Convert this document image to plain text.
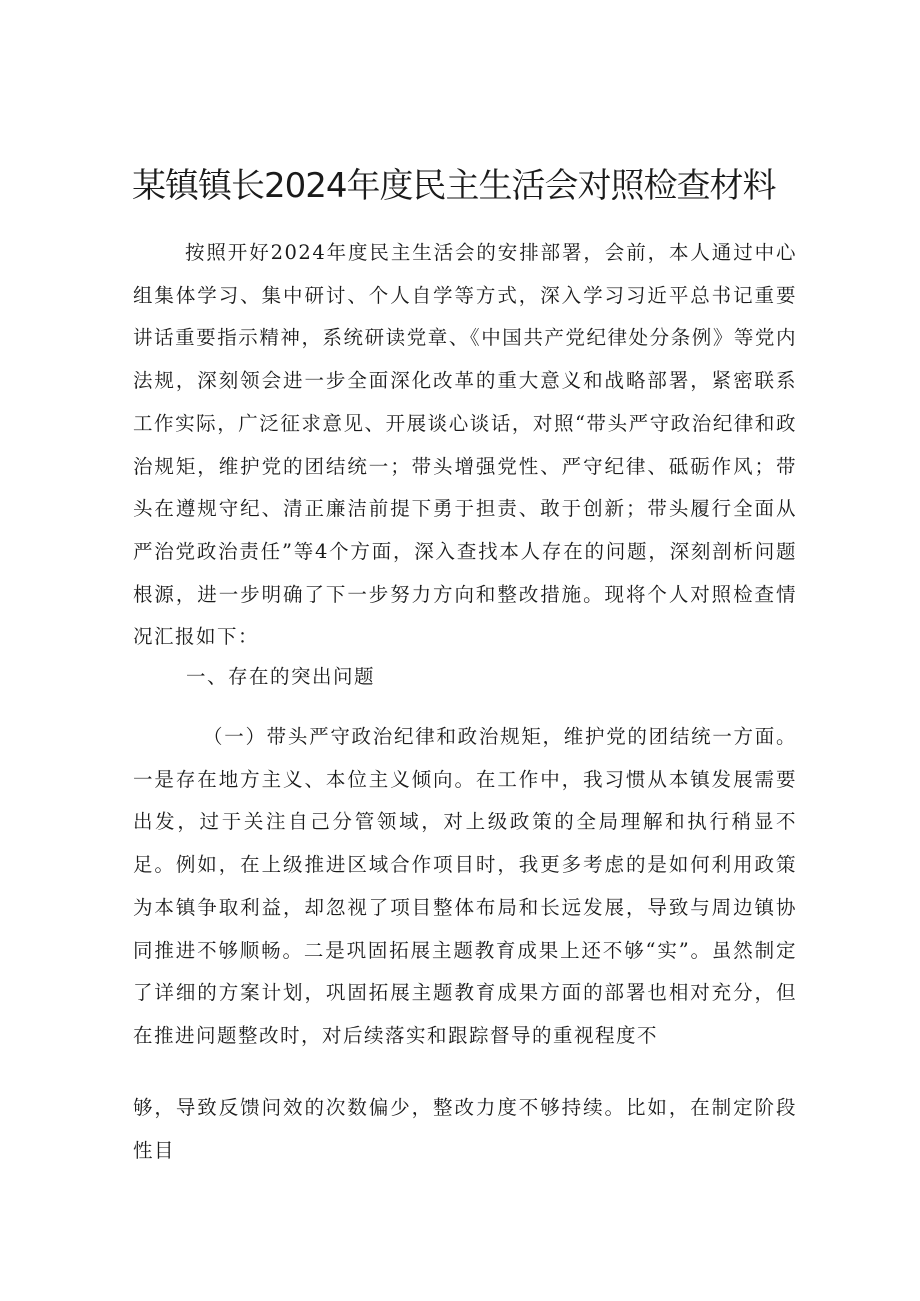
某镇镇长2024年度民主生活会对照检查材料

按照开好2024年度民主生活会的安排部署，会前，本人通过中心组集体学习、集中研讨、个人自学等方式，深入学习习近平总书记重要讲话重要指示精神，系统研读党章、《中国共产党纪律处分条例》等党内法规，深刻领会进一步全面深化改革的重大意义和战略部署，紧密联系工作实际，广泛征求意见、开展谈心谈话，对照“带头严守政治纪律和政治规矩，维护党的团结统一；带头增强党性、严守纪律、砥砺作风；带头在遵规守纪、清正廉洁前提下勇于担责、敢于创新；带头履行全面从严治党政治责任”等4个方面，深入查找本人存在的问题，深刻剖析问题根源，进一步明确了下一步努力方向和整改措施。现将个人对照检查情况汇报如下：

一、存在的突出问题

（一）带头严守政治纪律和政治规矩，维护党的团结统一方面。一是存在地方主义、本位主义倾向。在工作中，我习惯从本镇发展需要出发，过于关注自己分管领域，对上级政策的全局理解和执行稍显不足。例如，在上级推进区域合作项目时，我更多考虑的是如何利用政策为本镇争取利益，却忽视了项目整体布局和长远发展，导致与周边镇协同推进不够顺畅。二是巩固拓展主题教育成果上还不够“实”。虽然制定了详细的方案计划，巩固拓展主题教育成果方面的部署也相对充分，但在推进问题整改时，对后续落实和跟踪督导的重视程度不

够，导致反馈问效的次数偏少，整改力度不够持续。比如，在制定阶段性目
